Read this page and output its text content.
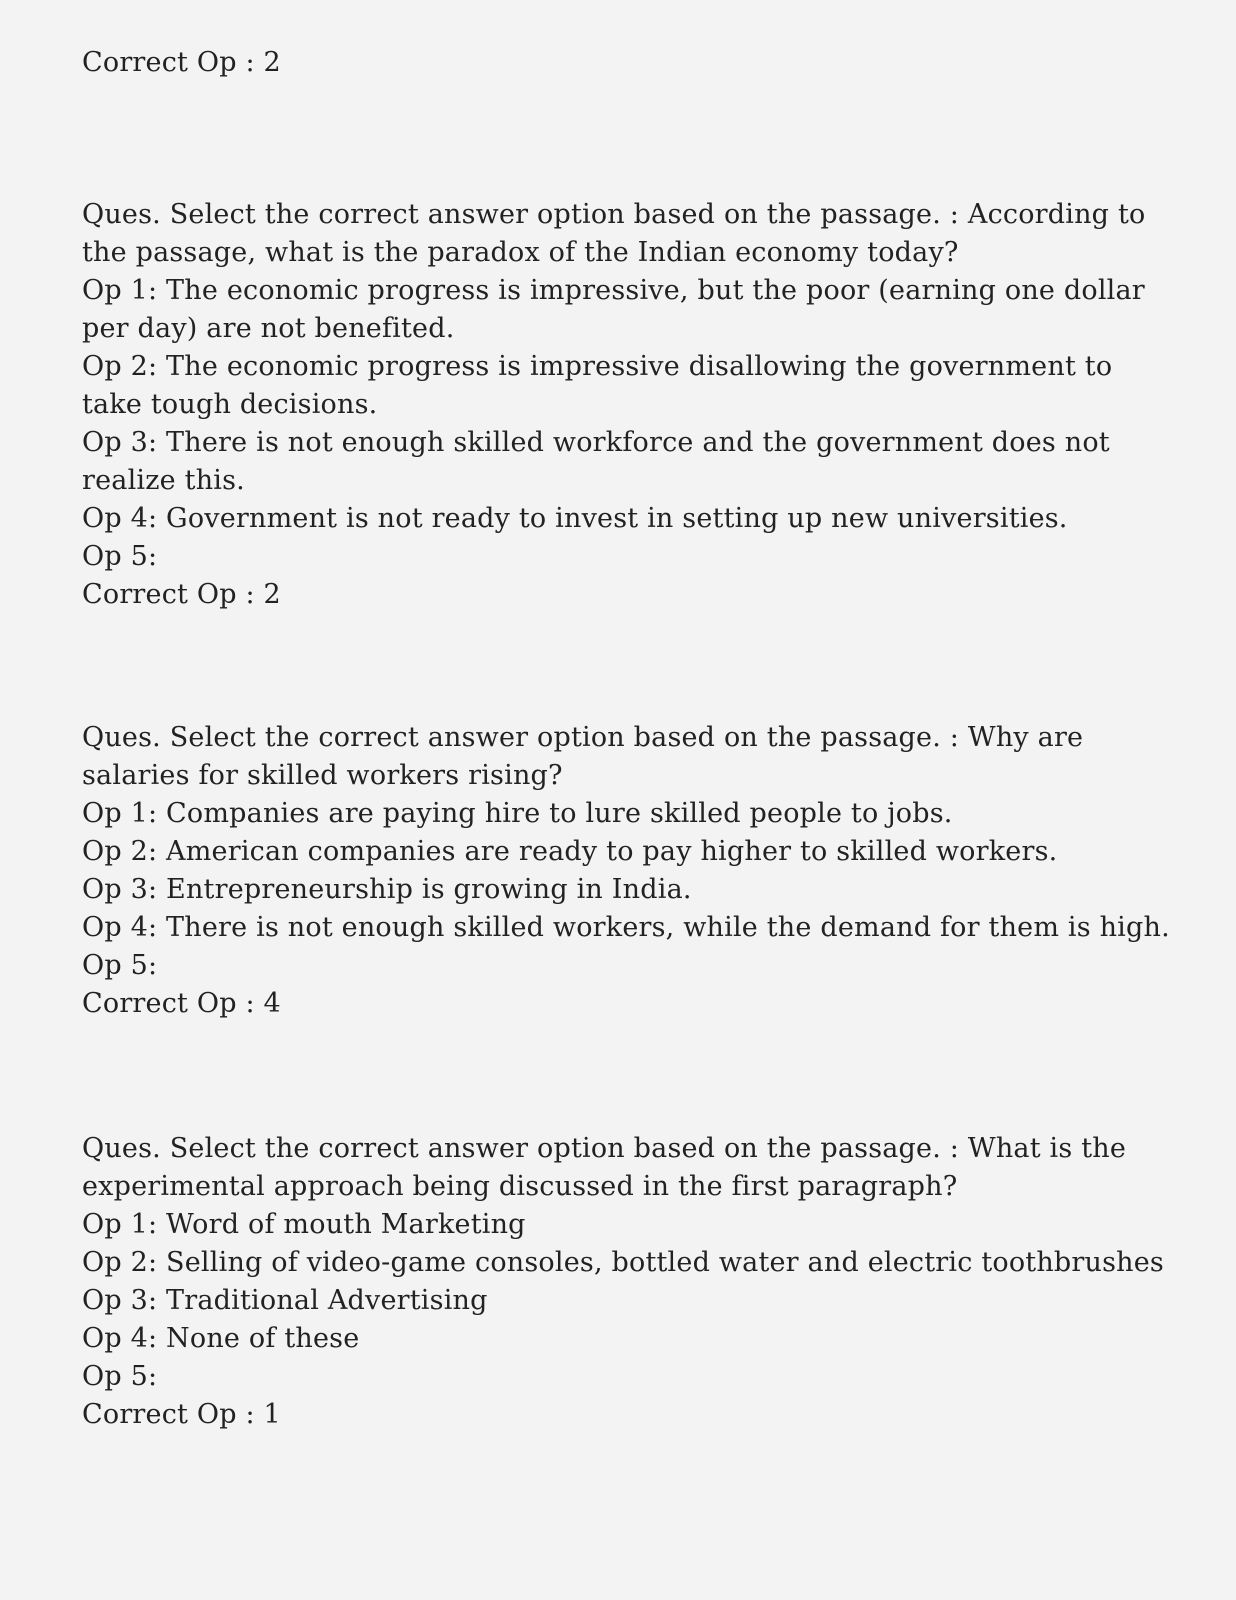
Correct Op : 2
Ques. Select the correct answer option based on the passage. : According to the passage, what is the paradox of the Indian economy today?
Op 1: The economic progress is impressive, but the poor (earning one dollar per day) are not benefited.
Op 2: The economic progress is impressive disallowing the government to take tough decisions.
Op 3: There is not enough skilled workforce and the government does not realize this.
Op 4: Government is not ready to invest in setting up new universities.
Op 5:
Correct Op : 2
Ques. Select the correct answer option based on the passage. : Why are salaries for skilled workers rising?
Op 1: Companies are paying hire to lure skilled people to jobs.
Op 2: American companies are ready to pay higher to skilled workers.
Op 3: Entrepreneurship is growing in India.
Op 4: There is not enough skilled workers, while the demand for them is high.
Op 5:
Correct Op : 4
Ques. Select the correct answer option based on the passage. : What is the experimental approach being discussed in the first paragraph?
Op 1: Word of mouth Marketing
Op 2: Selling of video-game consoles, bottled water and electric toothbrushes
Op 3: Traditional Advertising
Op 4: None of these
Op 5:
Correct Op : 1
